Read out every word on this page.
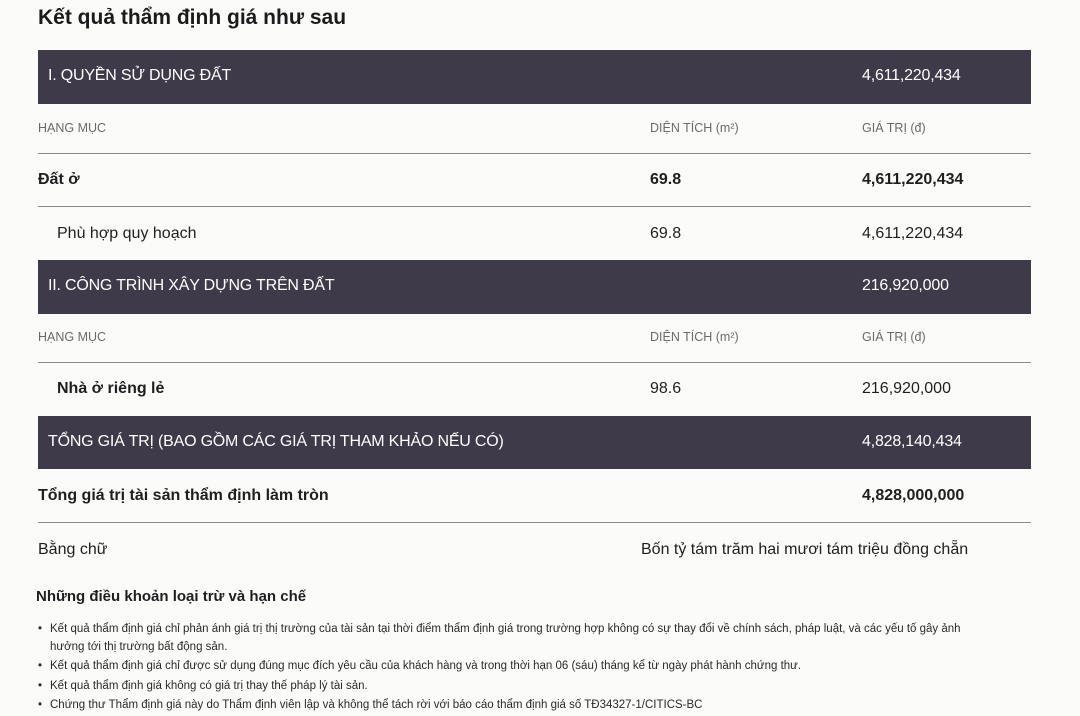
Kết quả thẩm định giá như sau
I. QUYỀN SỬ DỤNG ĐẤT	4,611,220,434
HẠNG MỤC	DIỆN TÍCH (m²)	GIÁ TRỊ (đ)
Đất ở	69.8	4,611,220,434
Phù hợp quy hoạch	69.8	4,611,220,434
II. CÔNG TRÌNH XÂY DỰNG TRÊN ĐẤT	216,920,000
HẠNG MỤC	DIỆN TÍCH (m²)	GIÁ TRỊ (đ)
Nhà ở riêng lẻ	98.6	216,920,000
TỔNG GIÁ TRỊ (BAO GỒM CÁC GIÁ TRỊ THAM KHẢO NẾU CÓ)	4,828,140,434
Tổng giá trị tài sản thẩm định làm tròn	4,828,000,000
Bằng chữ	Bốn tỷ tám trăm hai mươi tám triệu đồng chẵn
Những điều khoản loại trừ và hạn chế
• Kết quả thẩm định giá chỉ phản ánh giá trị thị trường của tài sản tại thời điểm thẩm định giá trong trường hợp không có sự thay đổi về chính sách, pháp luật, và các yếu tố gây ảnh
hưởng tới thị trường bất động sản.
• Kết quả thẩm định giá chỉ được sử dụng đúng mục đích yêu cầu của khách hàng và trong thời hạn 06 (sáu) tháng kể từ ngày phát hành chứng thư.
• Kết quả thẩm định giá không có giá trị thay thế pháp lý tài sản.
• Chứng thư Thẩm định giá này do Thẩm định viên lập và không thể tách rời với báo cáo thẩm định giá số TĐ34327-1/CITICS-BC
